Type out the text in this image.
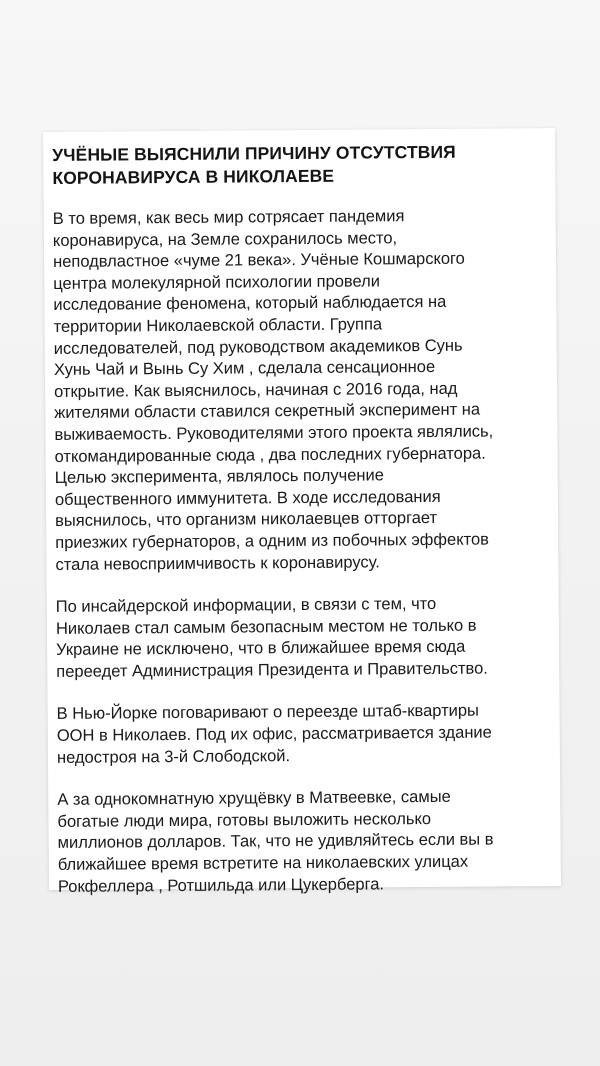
УЧЁНЫЕ ВЫЯСНИЛИ ПРИЧИНУ ОТСУТСТВИЯ
КОРОНАВИРУСА В НИКОЛАЕВЕ

В то время, как весь мир сотрясает пандемия
коронавируса, на Земле сохранилось место,
неподвластное «чуме 21 века». Учёные Кошмарского
центра молекулярной психологии провели
исследование феномена, который наблюдается на
территории Николаевской области. Группа
исследователей, под руководством академиков Сунь
Хунь Чай и Вынь Су Хим , сделала сенсационное
открытие. Как выяснилось, начиная с 2016 года, над
жителями области ставился секретный эксперимент на
выживаемость. Руководителями этого проекта являлись,
откомандированные сюда , два последних губернатора.
Целью эксперимента, являлось получение
общественного иммунитета. В ходе исследования
выяснилось, что организм николаевцев отторгает
приезжих губернаторов, а одним из побочных эффектов
стала невосприимчивость к коронавирусу.

По инсайдерской информации, в связи с тем, что
Николаев стал самым безопасным местом не только в
Украине не исключено, что в ближайшее время сюда
переедет Администрация Президента и Правительство.

В Нью-Йорке поговаривают о переезде штаб-квартиры
ООН в Николаев. Под их офис, рассматривается здание
недостроя на 3-й Слободской.

А за однокомнатную хрущёвку в Матвеевке, самые
богатые люди мира, готовы выложить несколько
миллионов долларов. Так, что не удивляйтесь если вы в
ближайшее время встретите на николаевских улицах
Рокфеллера , Ротшильда или Цукерберга.
